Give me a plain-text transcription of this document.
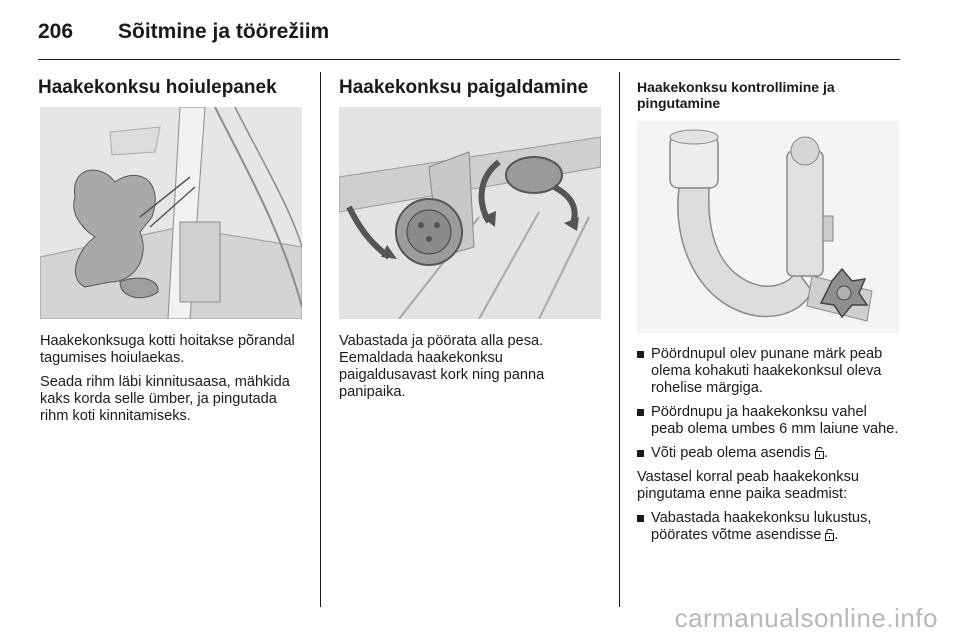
206 Sõitmine ja töörežiim
Haakekonksu hoiulepanek

Haakekonksuga kotti hoitakse põrandal tagumises hoiulaekas.

Seada rihm läbi kinnitusaasa, mähkida kaks korda selle ümber, ja pingutada rihm koti kinnitamiseks.

Haakekonksu paigaldamine

Vabastada ja pöörata alla pesa. Eemaldada haakekonksu paigaldusavast kork ning panna panipaika.

Haakekonksu kontrollimine ja pingutamine
Pöördnupul olev punane märk peab olema kohakuti haakekonksul oleva rohelise märgiga.
Pöördnupu ja haakekonksu vahel peab olema umbes 6 mm laiune vahe.
Võti peab olema asendis .

Vastasel korral peab haakekonksu pingutama enne paika seadmist:

Vabastada haakekonksu lukustus, pöörates võtme asendisse .
carmanualsonline.info
